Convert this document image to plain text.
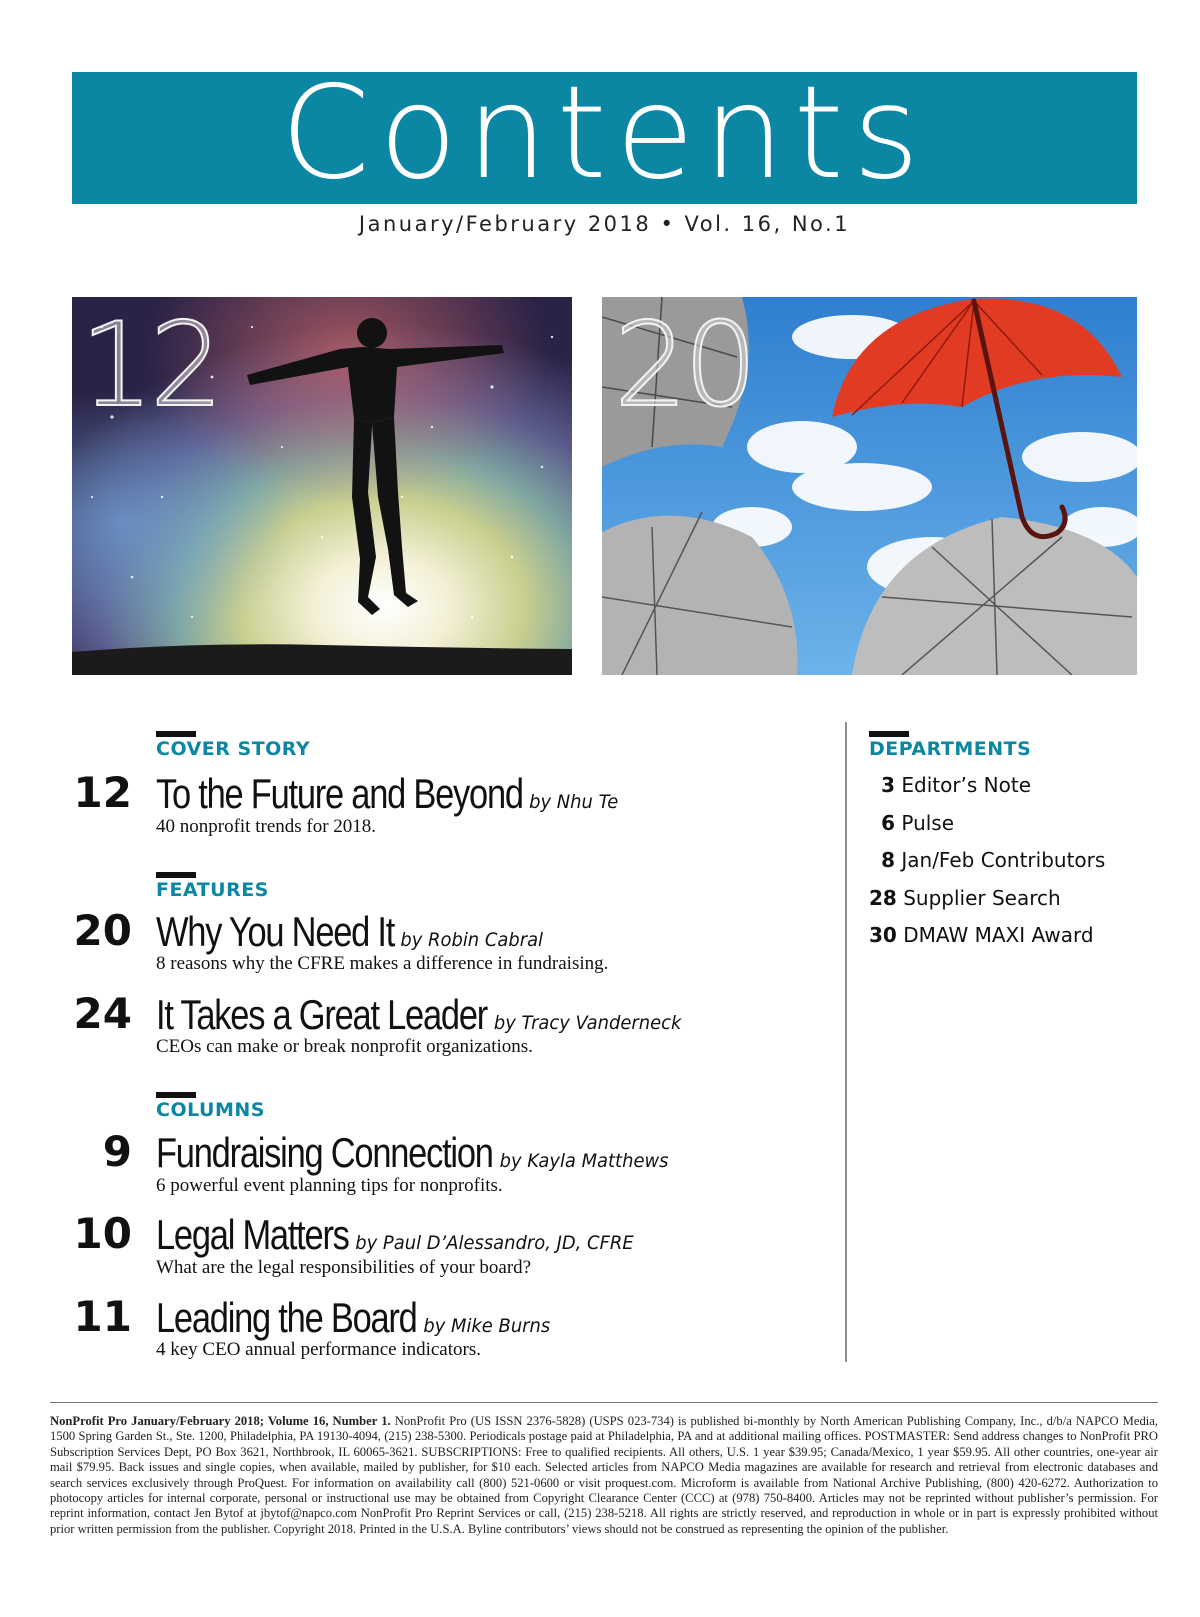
Contents
January/February 2018 • Vol. 16, No.1
12	20
COVER STORY
12 To the Future and Beyond by Nhu Te
40 nonprofit trends for 2018.
FEATURES
20 Why You Need It by Robin Cabral
8 reasons why the CFRE makes a difference in fundraising.
24 It Takes a Great Leader by Tracy Vanderneck
CEOs can make or break nonprofit organizations.
COLUMNS
9 Fundraising Connection by Kayla Matthews
6 powerful event planning tips for nonprofits.
10 Legal Matters by Paul D’Alessandro, JD, CFRE
What are the legal responsibilities of your board?
11 Leading the Board by Mike Burns
4 key CEO annual performance indicators.
DEPARTMENTS
3 Editor’s Note
6 Pulse
8 Jan/Feb Contributors
28 Supplier Search
30 DMAW MAXI Award
NonProfit Pro January/February 2018; Volume 16, Number 1. NonProfit Pro (US ISSN 2376-5828) (USPS 023-734) is published bi-monthly by North American Publishing Company, Inc., d/b/a NAPCO Media, 1500 Spring Garden St., Ste. 1200, Philadelphia, PA 19130-4094, (215) 238-5300. Periodicals postage paid at Philadelphia, PA and at additional mailing offices. POSTMASTER: Send address changes to NonProfit PRO Subscription Services Dept, PO Box 3621, Northbrook, IL 60065-3621. SUBSCRIPTIONS: Free to qualified recipients. All others, U.S. 1 year $39.95; Canada/Mexico, 1 year $59.95. All other countries, one-year air mail $79.95. Back issues and single copies, when available, mailed by publisher, for $10 each. Selected articles from NAPCO Media magazines are available for research and retrieval from electronic databases and search services exclusively through ProQuest. For information on availability call (800) 521-0600 or visit proquest.com. Microform is available from National Archive Publishing, (800) 420-6272. Authorization to photocopy articles for internal corporate, personal or instructional use may be obtained from Copyright Clearance Center (CCC) at (978) 750-8400. Articles may not be reprinted without publisher’s permission. For reprint information, contact Jen Bytof at jbytof@napco.com NonProfit Pro Reprint Services or call, (215) 238-5218. All rights are strictly reserved, and reproduction in whole or in part is expressly prohibited without prior written permission from the publisher. Copyright 2018. Printed in the U.S.A. Byline contributors’ views should not be construed as representing the opinion of the publisher.
